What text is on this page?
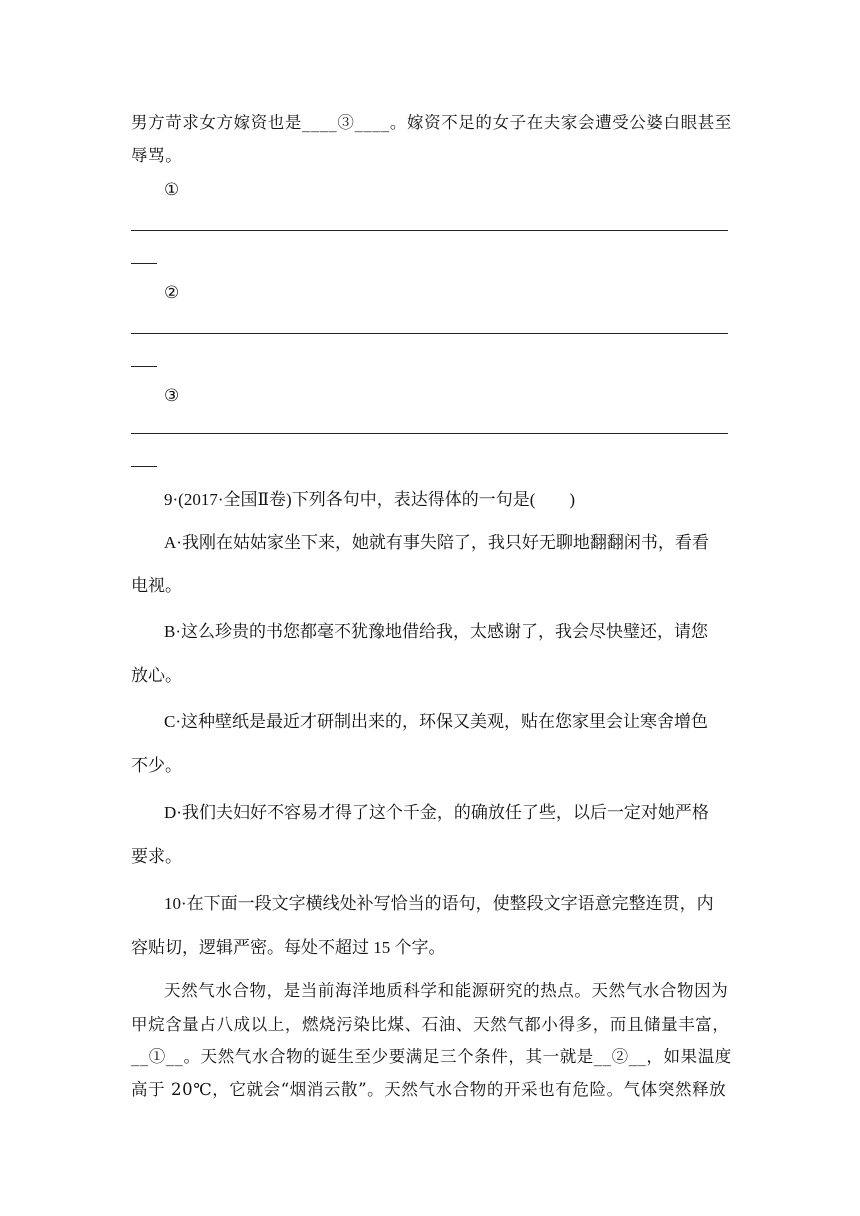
男方苛求女方嫁资也是____③____。嫁资不足的女子在夫家会遭受公婆白眼甚至
辱骂。
①
②
③
9·(2017·全国Ⅱ卷)下列各句中，表达得体的一句是(　　)
A·我刚在姑姑家坐下来，她就有事失陪了，我只好无聊地翻翻闲书，看看
电视。
B·这么珍贵的书您都毫不犹豫地借给我，太感谢了，我会尽快璧还，请您
放心。
C·这种壁纸是最近才研制出来的，环保又美观，贴在您家里会让寒舍增色
不少。
D·我们夫妇好不容易才得了这个千金，的确放任了些，以后一定对她严格
要求。
10·在下面一段文字横线处补写恰当的语句，使整段文字语意完整连贯，内
容贴切，逻辑严密。每处不超过 15 个字。
天然气水合物，是当前海洋地质科学和能源研究的热点。天然气水合物因为
甲烷含量占八成以上，燃烧污染比煤、石油、天然气都小得多，而且储量丰富，
__①__。天然气水合物的诞生至少要满足三个条件，其一就是__②__，如果温度
高于 20℃，它就会“烟消云散”。天然气水合物的开采也有危险。气体突然释放
